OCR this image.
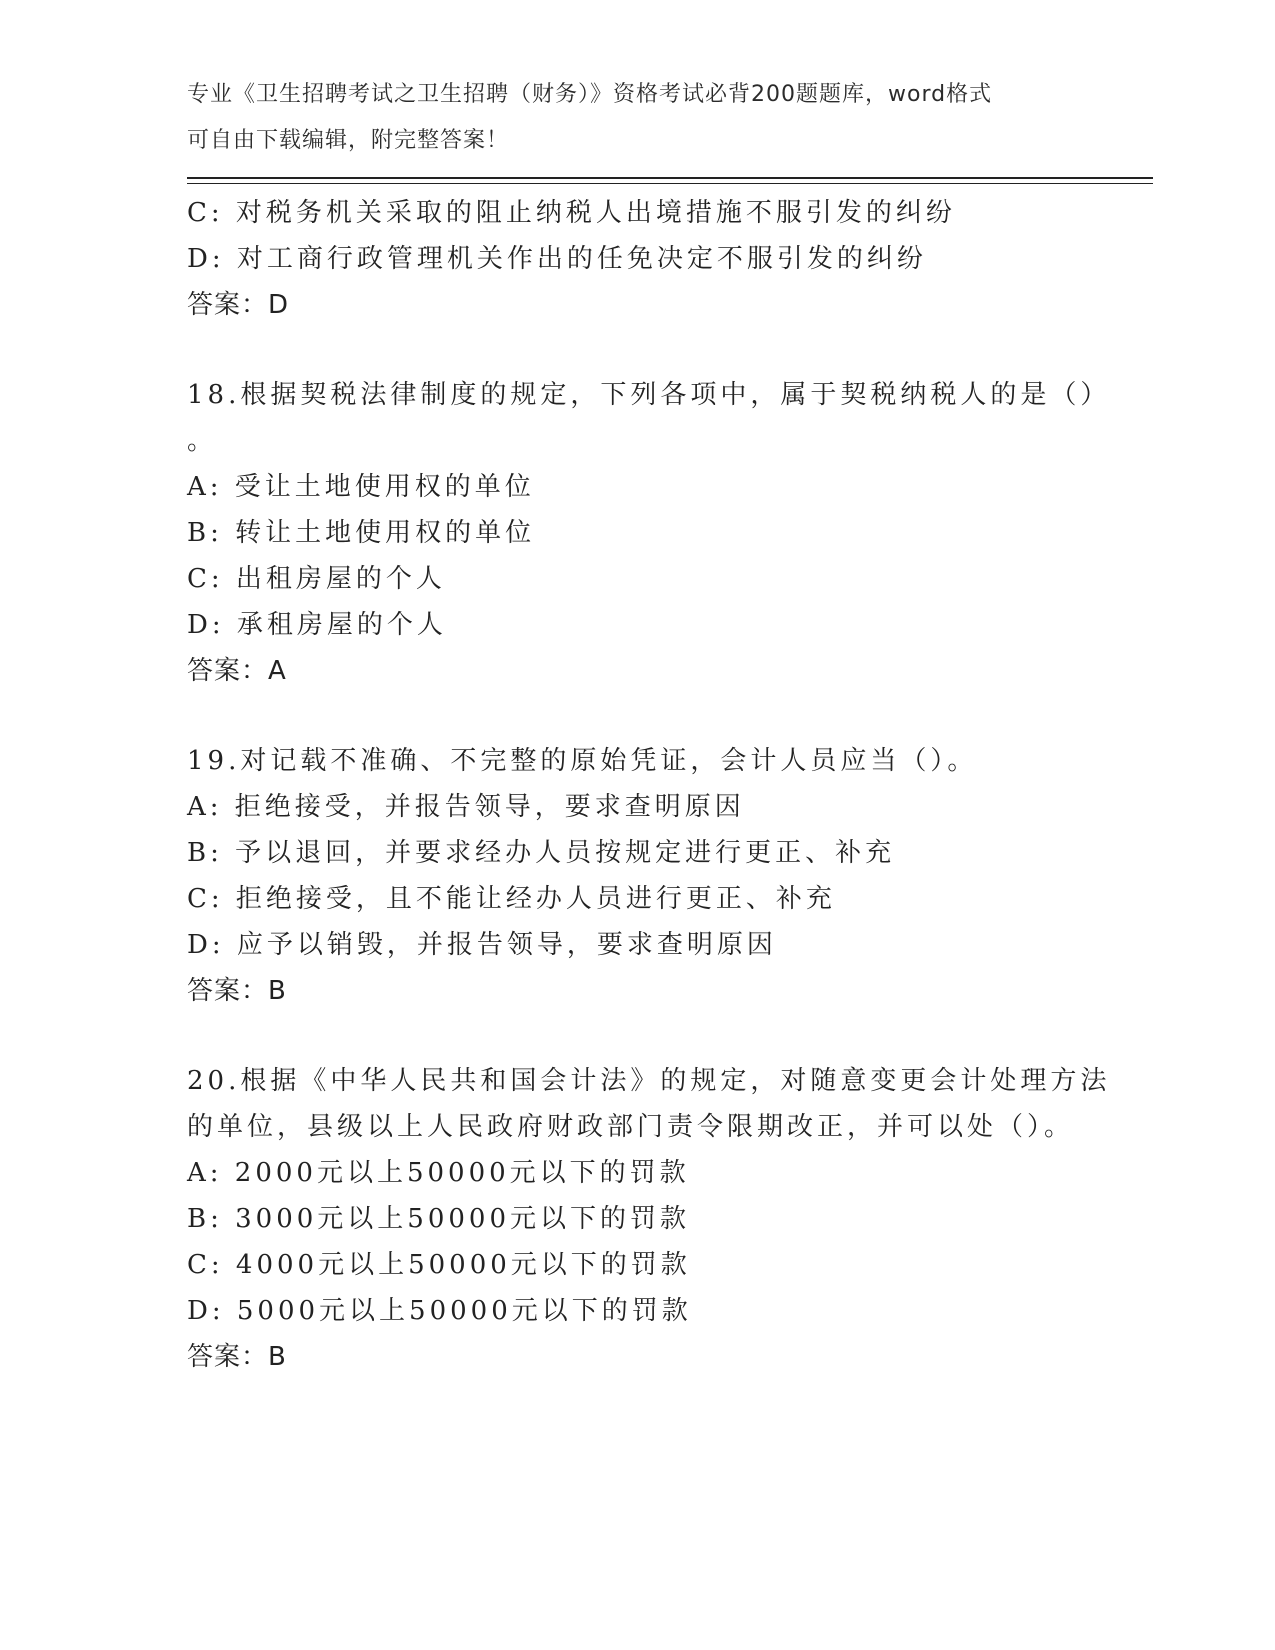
专业《卫生招聘考试之卫生招聘（财务）》资格考试必背200题题库，word格式
可自由下载编辑，附完整答案！
C: 对税务机关采取的阻止纳税人出境措施不服引发的纠纷
D: 对工商行政管理机关作出的任免决定不服引发的纠纷
答案：D
18.根据契税法律制度的规定，下列各项中，属于契税纳税人的是（）
。
A: 受让土地使用权的单位
B: 转让土地使用权的单位
C: 出租房屋的个人
D: 承租房屋的个人
答案：A
19.对记载不准确、不完整的原始凭证，会计人员应当（）。
A: 拒绝接受，并报告领导，要求查明原因
B: 予以退回，并要求经办人员按规定进行更正、补充
C: 拒绝接受，且不能让经办人员进行更正、补充
D: 应予以销毁，并报告领导，要求查明原因
答案：B
20.根据《中华人民共和国会计法》的规定，对随意变更会计处理方法
的单位，县级以上人民政府财政部门责令限期改正，并可以处（）。
A: 2000元以上50000元以下的罚款
B: 3000元以上50000元以下的罚款
C: 4000元以上50000元以下的罚款
D: 5000元以上50000元以下的罚款
答案：B
